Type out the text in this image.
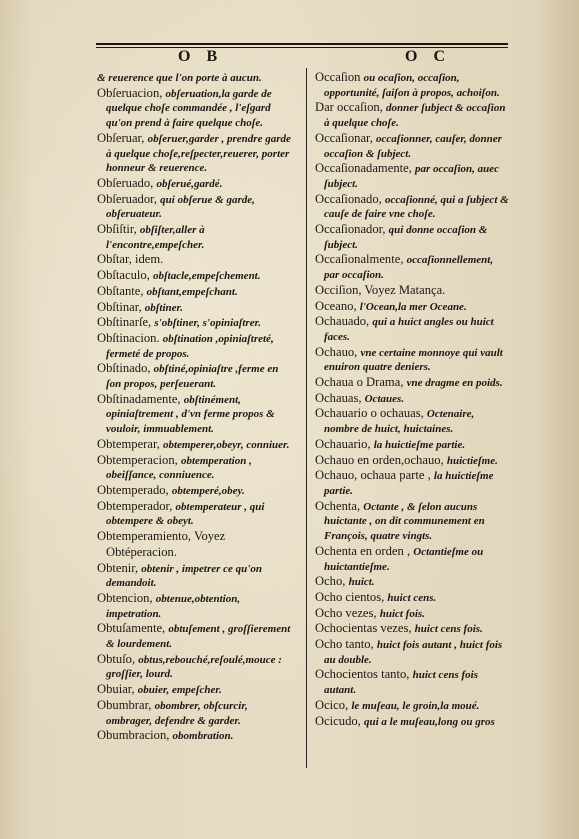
O B	O C

& reuerence que l'on porte à aucun.

Obſeruacion, obſeruation,la garde de quelque choſe commandée , l'eſgard qu'on prend à faire quelque choſe.

Obſeruar, obſeruer,garder , prendre garde à quelque choſe,reſpecter,reuerer, porter honneur & reuerence.

Obſeruado, obſerué,gardé.

Obſeruador, qui obſerue & garde, obſeruateur.

Obſiſtir, obſiſter,aller à l'encontre,empeſcher.

Obſtar, idem.

Obſtaculo, obſtacle,empeſchement.

Obſtante, obſtant,empeſchant.

Obſtinar, obſtiner.

Obſtinarſe, s'obſtiner, s'opiniaſtrer.

Obſtinacion. obſtination ,opiniaſtreté, fermeté de propos.

Obſtinado, obſtiné,opiniaſtre ,ferme en ſon propos, perſeuerant.

Obſtinadamente, obſtinément, opiniaſtrement , d'vn ferme propos & vouloir, immuablement.

Obtemperar, obtemperer,obeyr, conniuer.

Obtemperacion, obtemperation , obeiſſance, conniuence.

Obtemperado, obtemperé,obey.

Obtemperador, obtemperateur , qui obtempere & obeyt.

Obtemperamiento, Voyez Obtéperacion.

Obtenir, obtenir , impetrer ce qu'on demandoit.

Obtencion, obtenue,obtention, impetration.

Obtuſamente, obtuſement , groſſierement & lourdement.

Obtuſo, obtus,rebouché,reſoulé,mouce : groſſier, lourd.

Obuiar, obuier, empeſcher.

Obumbrar, obombrer, obſcurcir, ombrager, defendre & garder.

Obumbracion, obombration.

Occaſion ou ocaſion, occaſion, opportunité, ſaiſon à propos, achoiſon.

Dar occaſion, donner ſubject & occaſion à quelque choſe.

Occaſionar, occaſionner, cauſer, donner occaſion & ſubject.

Occaſionadamente, par occaſion, auec ſubject.

Occaſionado, occaſionné, qui a ſubject & cauſe de faire vne choſe.

Occaſionador, qui donne occaſion & ſubject.

Occaſionalmente, occaſionnellement, par occaſion.

Occiſion, Voyez Matança.

Oceano, l'Ocean,la mer Oceane.

Ochauado, qui a huict angles ou huict faces.

Ochauo, vne certaine monnoye qui vault enuiron quatre deniers.

Ochaua o Drama, vne dragme en poids.

Ochauas, Octaues.

Ochauario o ochauas, Octenaire, nombre de huict, huictaines.

Ochauario, la huictieſme partie.

Ochauo en orden,ochauo, huictieſme.

Ochauo, ochaua parte , la huictieſme partie.

Ochenta, Octante , & ſelon aucuns huictante , on dit communement en François, quatre vingts.

Ochenta en orden , Octantieſme ou huictantieſme.

Ocho, huict.

Ocho cientos, huict cens.

Ocho vezes, huict fois.

Ochocientas vezes, huict cens fois.

Ocho tanto, huict fois autant , huict fois au double.

Ochocientos tanto, huict cens fois autant.

Ocico, le muſeau, le groin,la moué.

Ocicudo, qui a le muſeau,long ou gros
